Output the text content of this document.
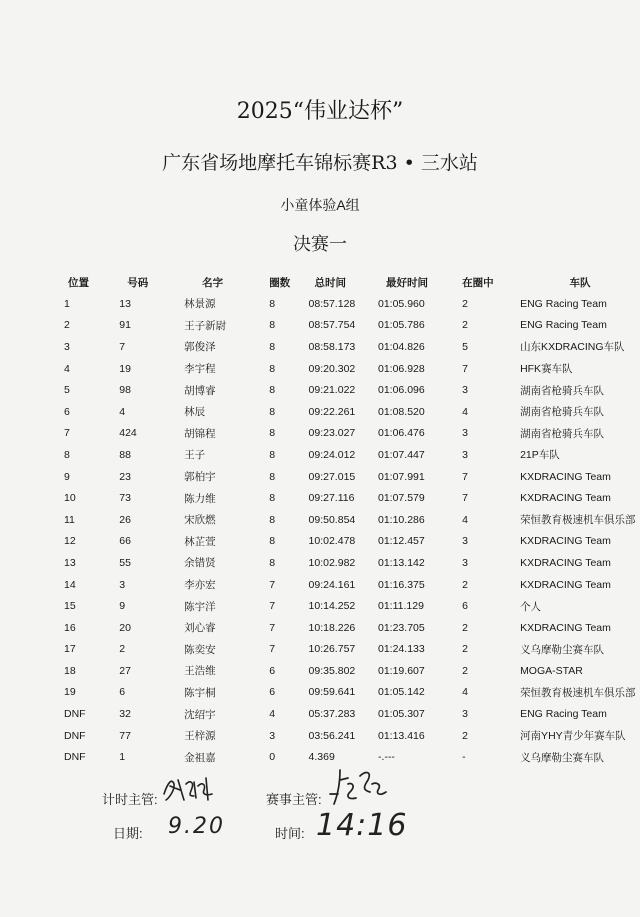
2025“伟业达杯”
广东省场地摩托车锦标赛R3 • 三水站
小童体验A组
决赛一
位置	号码	名字	圈数	总时间	最好时间	在圈中	车队
1	13	林景源	8	08:57.128	01:05.960	2	ENG Racing Team
2	91	王子新尉	8	08:57.754	01:05.786	2	ENG Racing Team
3	7	郭俊泽	8	08:58.173	01:04.826	5	山东KXDRACING车队
4	19	李宇程	8	09:20.302	01:06.928	7	HFK赛车队
5	98	胡博睿	8	09:21.022	01:06.096	3	湖南省枪骑兵车队
6	4	林辰	8	09:22.261	01:08.520	4	湖南省枪骑兵车队
7	424	胡锦程	8	09:23.027	01:06.476	3	湖南省枪骑兵车队
8	88	王子	8	09:24.012	01:07.447	3	21P车队
9	23	郭柏宇	8	09:27.015	01:07.991	7	KXDRACING Team
10	73	陈力维	8	09:27.116	01:07.579	7	KXDRACING Team
11	26	宋欣燃	8	09:50.854	01:10.286	4	荣恒教育极速机车俱乐部
12	66	林芷萱	8	10:02.478	01:12.457	3	KXDRACING Team
13	55	余错贤	8	10:02.982	01:13.142	3	KXDRACING Team
14	3	李亦宏	7	09:24.161	01:16.375	2	KXDRACING Team
15	9	陈宇洋	7	10:14.252	01:11.129	6	个人
16	20	刘心睿	7	10:18.226	01:23.705	2	KXDRACING Team
17	2	陈奕安	7	10:26.757	01:24.133	2	义乌摩勒尘赛车队
18	27	王浩维	6	09:35.802	01:19.607	2	MOGA-STAR
19	6	陈宇桐	6	09:59.641	01:05.142	4	荣恒教育极速机车俱乐部
DNF	32	沈绍宇	4	05:37.283	01:05.307	3	ENG Racing Team
DNF	77	王梓源	3	03:56.241	01:13.416	2	河南YHY青少年赛车队
DNF	1	金祖嘉	0	4.369	-.---	-	义乌摩勒尘赛车队
计时主管:	赛事主管:
日期: 9.20	时间: 14:16
